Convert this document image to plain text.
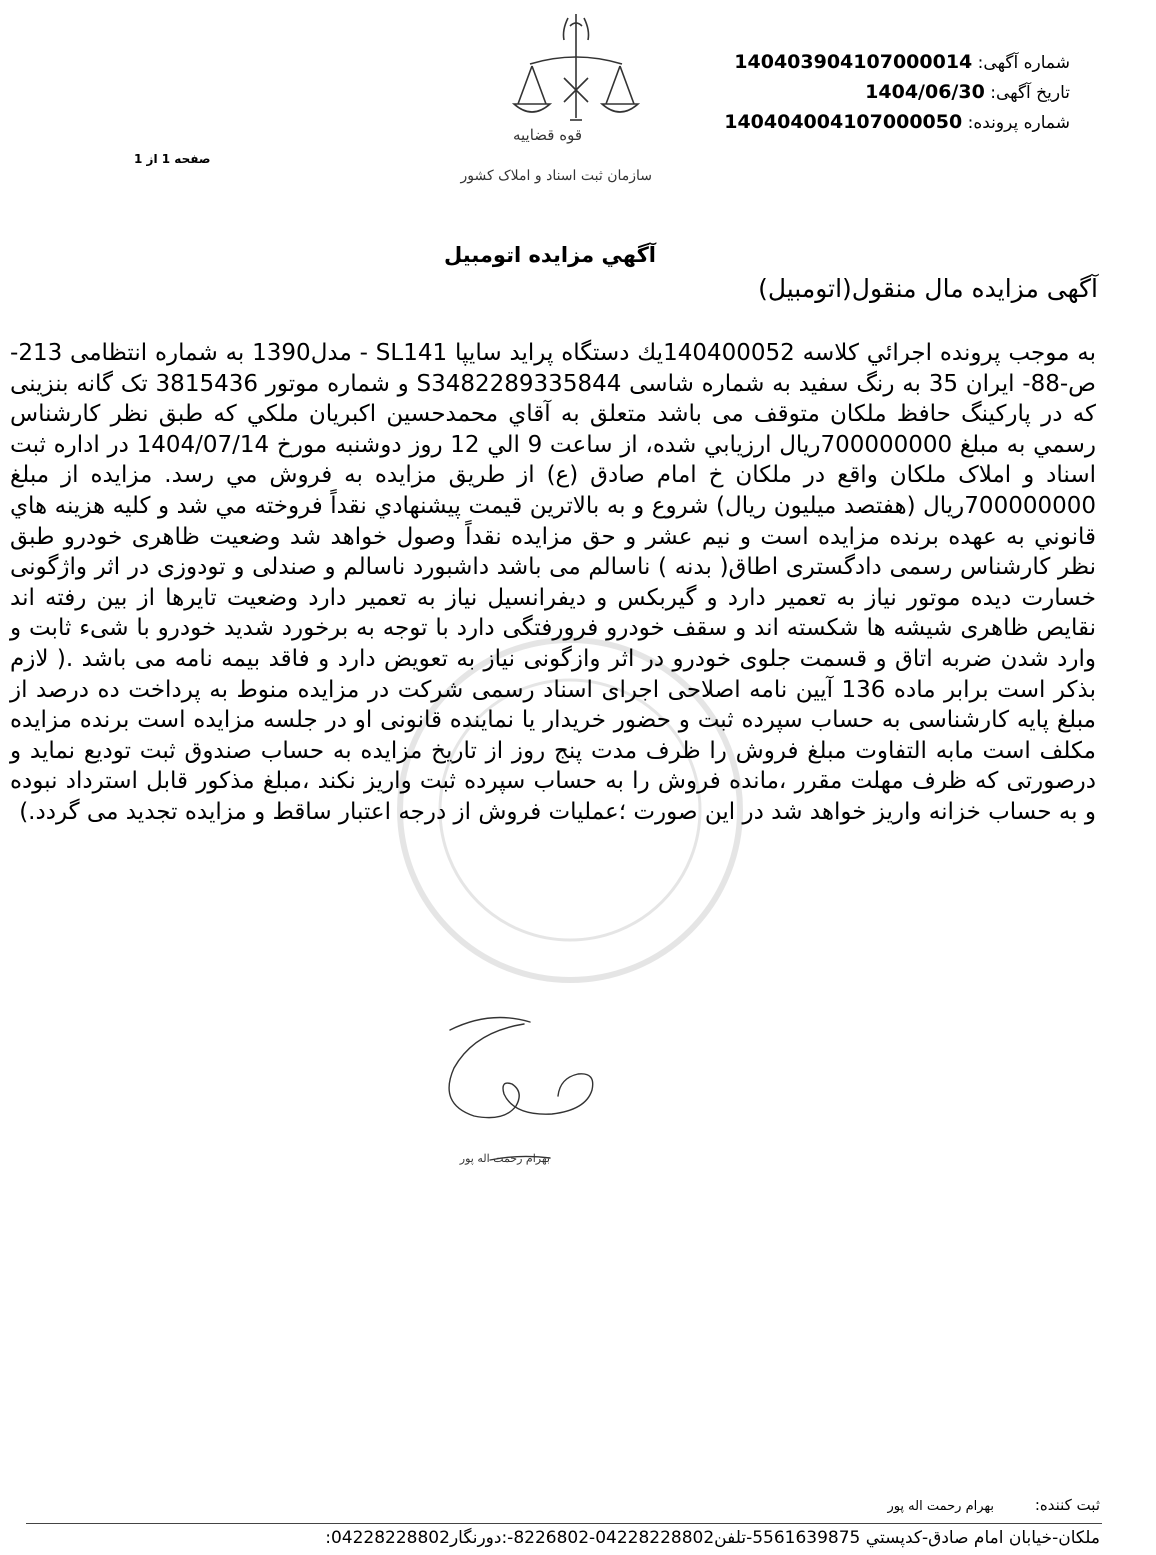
شماره آگهی: 140403904107000014
تاریخ آگهی: 1404/06/30
شماره پرونده: 140404004107000050
صفحه 1 از 1
قوه قضاییه
سازمان ثبت اسناد و املاک کشور
آگهي مزايده اتومبيل
آگهی مزایده مال منقول(اتومبیل)
به موجب پرونده اجرائي کلاسه 140400052يك دستگاه پراید سایپا SL141 - مدل1390 به شماره انتظامی 213-ص-88- ایران 35 به رنگ سفید به شماره شاسی S3482289335844 و شماره موتور 3815436 تک گانه بنزینی که در پارکینگ حافظ ملکان متوقف می باشد متعلق به آقاي محمدحسین اکبريان ملكي که طبق نظر کارشناس رسمي به مبلغ 700000000ريال ارزيابي شده، از ساعت 9 الي 12 روز دوشنبه مورخ 1404/07/14 در اداره ثبت اسناد و املاک ملکان واقع در ملکان خ امام صادق (ع) از طريق مزايده به فروش مي رسد. مزايده از مبلغ 700000000ريال (هفتصد میلیون ريال) شروع و به بالاترين قيمت پيشنهادي نقداً فروخته مي شد و کليه هزينه هاي قانوني به عهده برنده مزايده است و نيم عشر و حق مزايده نقداً وصول خواهد شد وضعیت ظاهری خودرو طبق نظر کارشناس رسمی دادگستری اطاق( بدنه ) ناسالم می باشد داشبورد ناسالم و صندلی و تودوزی در اثر واژگونی خسارت دیده موتور نیاز به تعمیر دارد و گیربکس و دیفرانسیل نیاز به تعمیر دارد وضعیت تایرها از بین رفته اند نقایص ظاهری شیشه ها شکسته اند و سقف خودرو فرورفتگی دارد با توجه به برخورد شدید خودرو با شیء ثابت و وارد شدن ضربه اتاق و قسمت جلوی خودرو در اثر وازگونی نیاز به تعویض دارد و فاقد بیمه نامه می باشد .( لازم بذکر است برابر ماده 136 آیین نامه اصلاحی اجرای اسناد رسمی شرکت در مزایده منوط به پرداخت ده درصد از مبلغ پایه کارشناسی به حساب سپرده ثبت و حضور خریدار یا نماینده قانونی او در جلسه مزایده است برنده مزایده مکلف است مابه التفاوت مبلغ فروش را ظرف مدت پنج روز از تاریخ مزایده به حساب صندوق ثبت تودیع نماید و درصورتی که ظرف مهلت مقرر ،مانده فروش را به حساب سپرده ثبت واریز نکند ،مبلغ مذکور قابل استرداد نبوده و به حساب خزانه واریز خواهد شد در این صورت ؛عملیات فروش از درجه اعتبار ساقط و مزایده تجدید می گردد.)
بهرام رحمت اله پور
ثبت کننده: بهرام رحمت اله پور
ملکان-خیابان امام صادق-کدپستي 5561639875-تلفن04228228802-8226802-:دورنگار04228228802:
